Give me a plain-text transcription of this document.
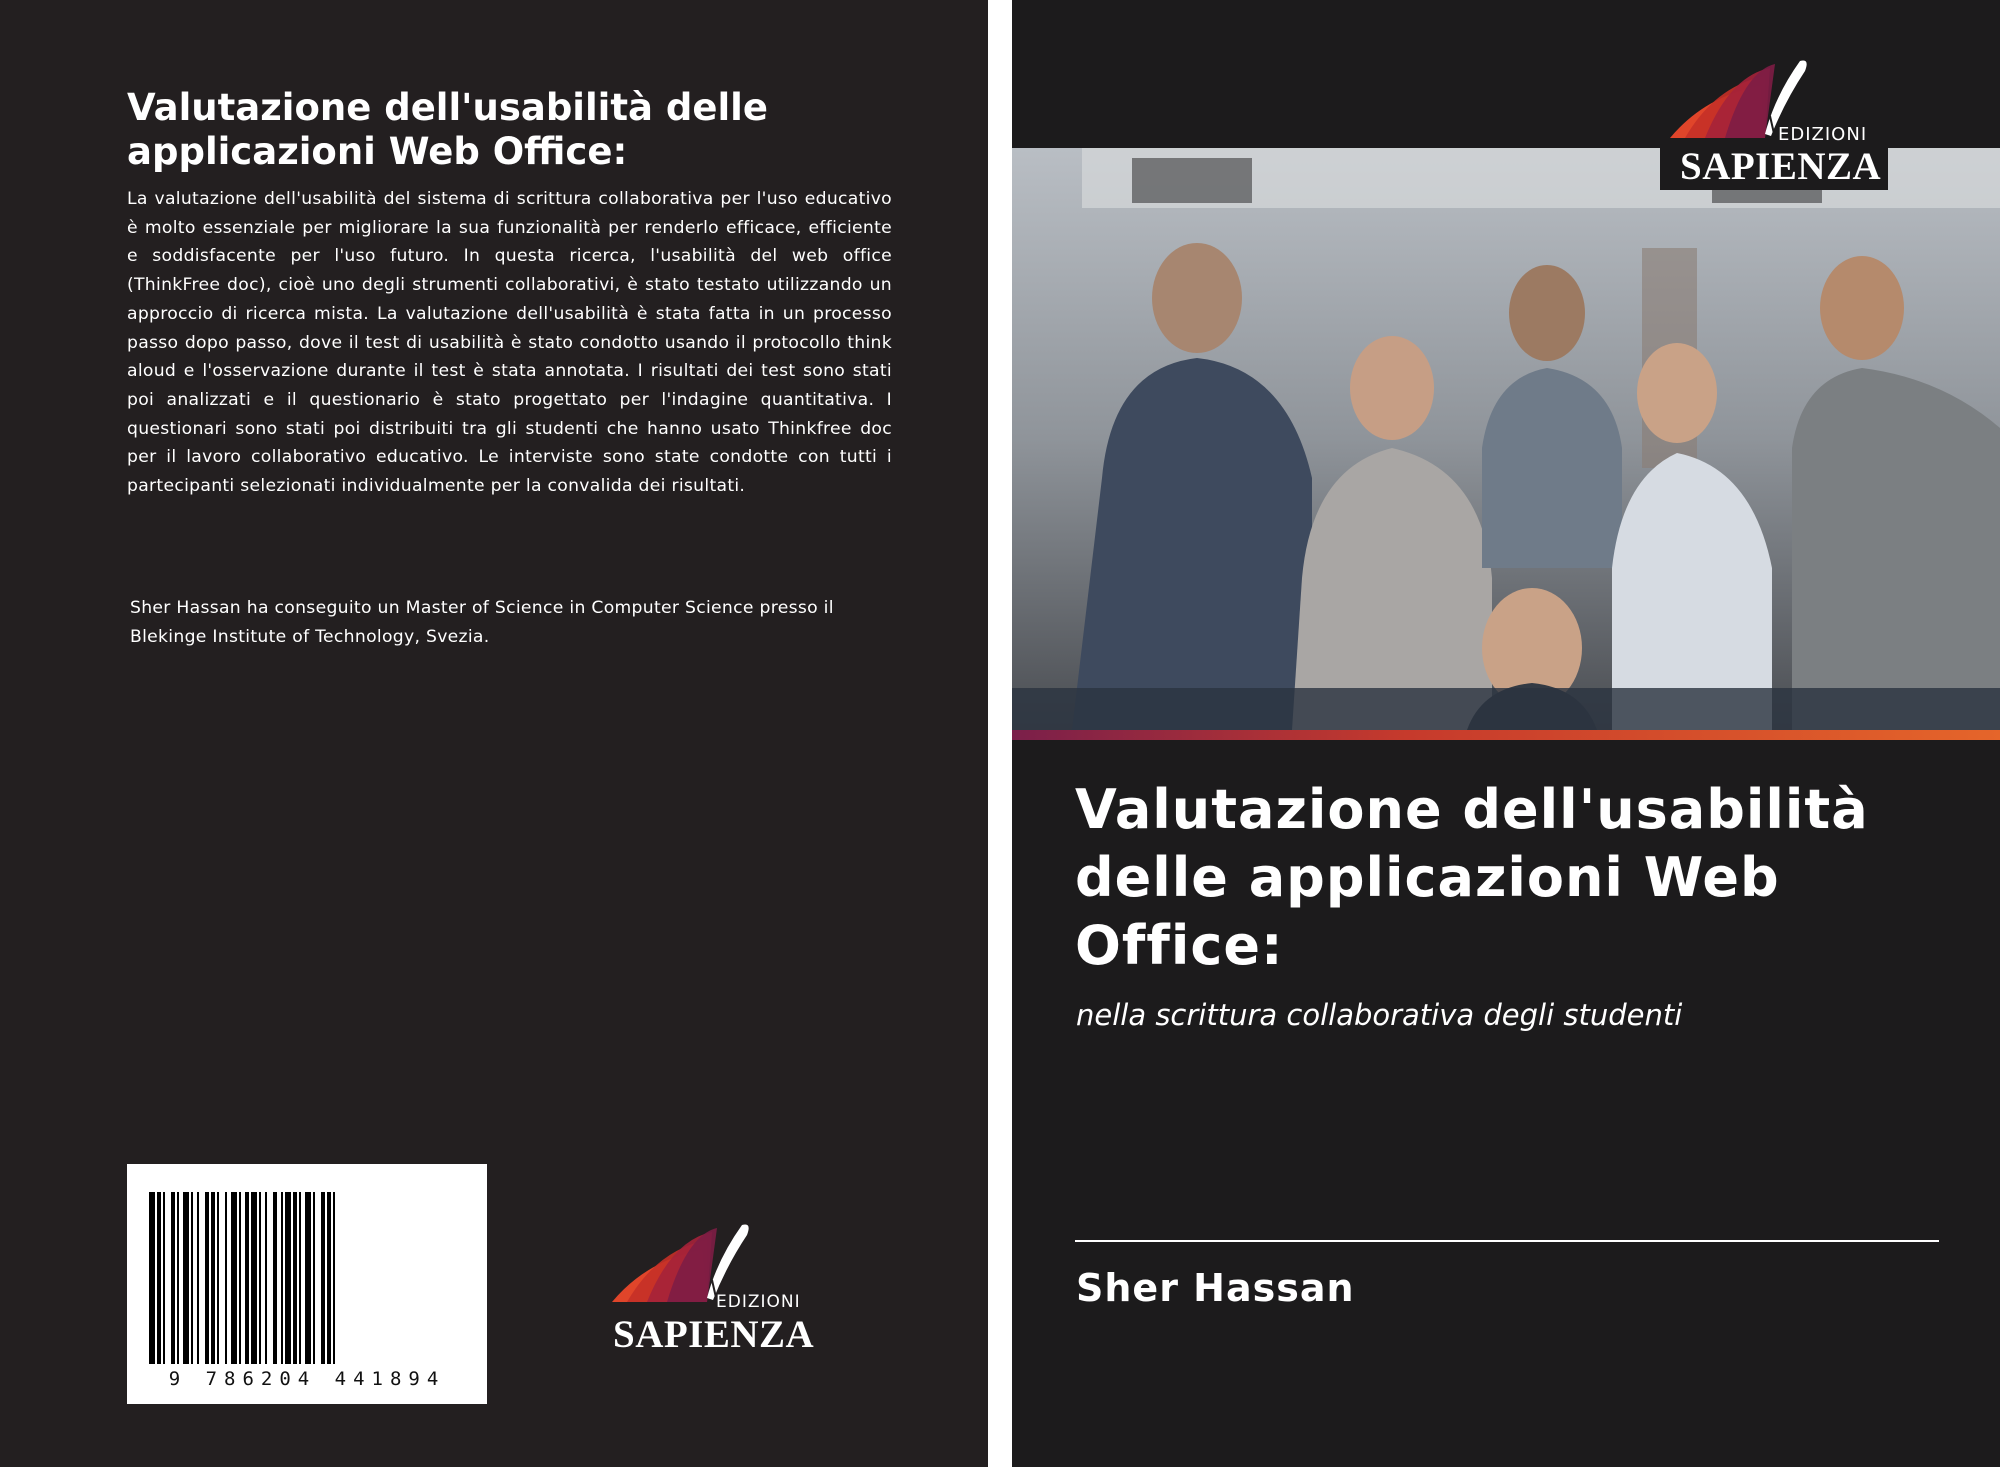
Valutazione dell'usabilità delle applicazioni Web Office:

La valutazione dell'usabilità del sistema di scrittura collaborativa per l'uso educativo è molto essenziale per migliorare la sua funzionalità per renderlo efficace, efficiente e soddisfacente per l'uso futuro. In questa ricerca, l'usabilità del web office (ThinkFree doc), cioè uno degli strumenti collaborativi, è stato testato utilizzando un approccio di ricerca mista. La valutazione dell'usabilità è stata fatta in un processo passo dopo passo, dove il test di usabilità è stato condotto usando il protocollo think aloud e l'osservazione durante il test è stata annotata. I risultati dei test sono stati poi analizzati e il questionario è stato progettato per l'indagine quantitativa. I questionari sono stati poi distribuiti tra gli studenti che hanno usato Thinkfree doc per il lavoro collaborativo educativo. Le interviste sono state condotte con tutti i partecipanti selezionati individualmente per la convalida dei risultati.

Sher Hassan ha conseguito un Master of Science in Computer Science presso il Blekinge Institute of Technology, Svezia.

9 786204 441894
EDIZIONI
SAPIENZA
EDIZIONI
SAPIENZA
Valutazione dell'usabilità delle applicazioni Web Office:

nella scrittura collaborativa degli studenti

Sher Hassan
